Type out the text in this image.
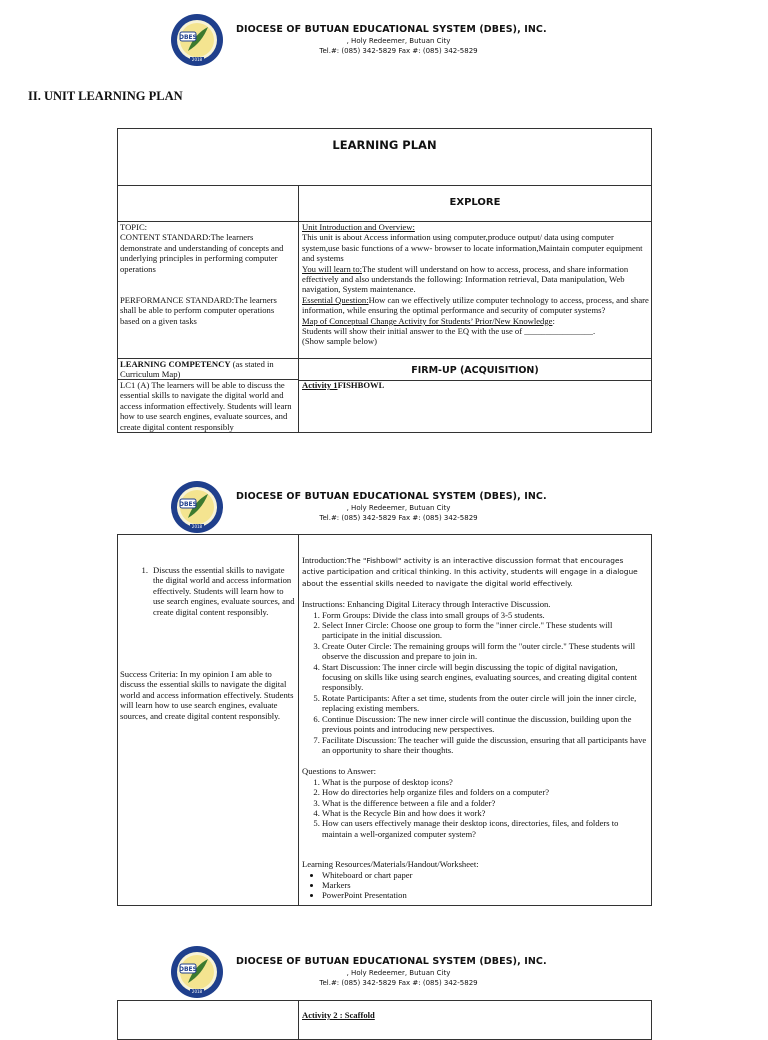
DBES
2018
DIOCESE OF BUTUAN EDUCATIONAL SYSTEM (DBES), INC.
, Holy Redeemer, Butuan City
Tel.#: (085) 342-5829 Fax #: (085) 342-5829
II. UNIT LEARNING PLAN
LEARNING PLAN
EXPLORE
TOPIC:
CONTENT STANDARD:The learners demonstrate and understanding of concepts and underlying principles in performing computer operations
PERFORMANCE STANDARD:The learners shall be able to perform computer operations based on a given tasks
Unit Introduction and Overview:
This unit is about Access information using computer,produce output/ data using computer system,use basic functions of a www- browser to locate information,Maintain computer equipment and systems
You will learn to:The student will understand on how to access, process, and share information effectively and also understands the following: Information retrieval, Data manipulation, Web navigation, System maintenance.
Essential Question:How can we effectively utilize computer technology to access, process, and share information, while ensuring the optimal performance and security of computer systems?
Map of Conceptual Change Activity for Students’ Prior/New Knowledge:
Students will show their initial answer to the EQ with the use of ________________.
(Show sample below)
LEARNING COMPETENCY (as stated in Curriculum Map)	FIRM-UP (ACQUISITION)
LC1 (A) The learners will be able to discuss the essential skills to navigate the digital world and access information effectively. Students will learn how to use search engines, evaluate sources, and create digital content responsibly
Activity 1FISHBOWL
DBES
2018
DIOCESE OF BUTUAN EDUCATIONAL SYSTEM (DBES), INC.
, Holy Redeemer, Butuan City
Tel.#: (085) 342-5829 Fax #: (085) 342-5829
1. Discuss the essential skills to navigate the digital world and access information effectively. Students will learn how to use search engines, evaluate sources, and create digital content responsibly.
Success Criteria: In my opinion I am able to discuss the essential skills to navigate the digital world and access information effectively. Students will learn how to use search engines, evaluate sources, and create digital content responsibly.
Introduction:The "Fishbowl" activity is an interactive discussion format that encourages active participation and critical thinking. In this activity, students will engage in a dialogue about the essential skills needed to navigate the digital world effectively.
Instructions: Enhancing Digital Literacy through Interactive Discussion.
1. Form Groups: Divide the class into small groups of 3-5 students.
2. Select Inner Circle: Choose one group to form the "inner circle." These students will participate in the initial discussion.
3. Create Outer Circle: The remaining groups will form the "outer circle." These students will observe the discussion and prepare to join in.
4. Start Discussion: The inner circle will begin discussing the topic of digital navigation, focusing on skills like using search engines, evaluating sources, and creating digital content responsibly.
5. Rotate Participants: After a set time, students from the outer circle will join the inner circle, replacing existing members.
6. Continue Discussion: The new inner circle will continue the discussion, building upon the previous points and introducing new perspectives.
7. Facilitate Discussion: The teacher will guide the discussion, ensuring that all participants have an opportunity to share their thoughts.
Questions to Answer:
1. What is the purpose of desktop icons?
2. How do directories help organize files and folders on a computer?
3. What is the difference between a file and a folder?
4. What is the Recycle Bin and how does it work?
5. How can users effectively manage their desktop icons, directories, files, and folders to maintain a well-organized computer system?
Learning Resources/Materials/Handout/Worksheet:
• Whiteboard or chart paper
• Markers
• PowerPoint Presentation
DBES
2018
DIOCESE OF BUTUAN EDUCATIONAL SYSTEM (DBES), INC.
, Holy Redeemer, Butuan City
Tel.#: (085) 342-5829 Fax #: (085) 342-5829
Activity 2 : Scaffold
